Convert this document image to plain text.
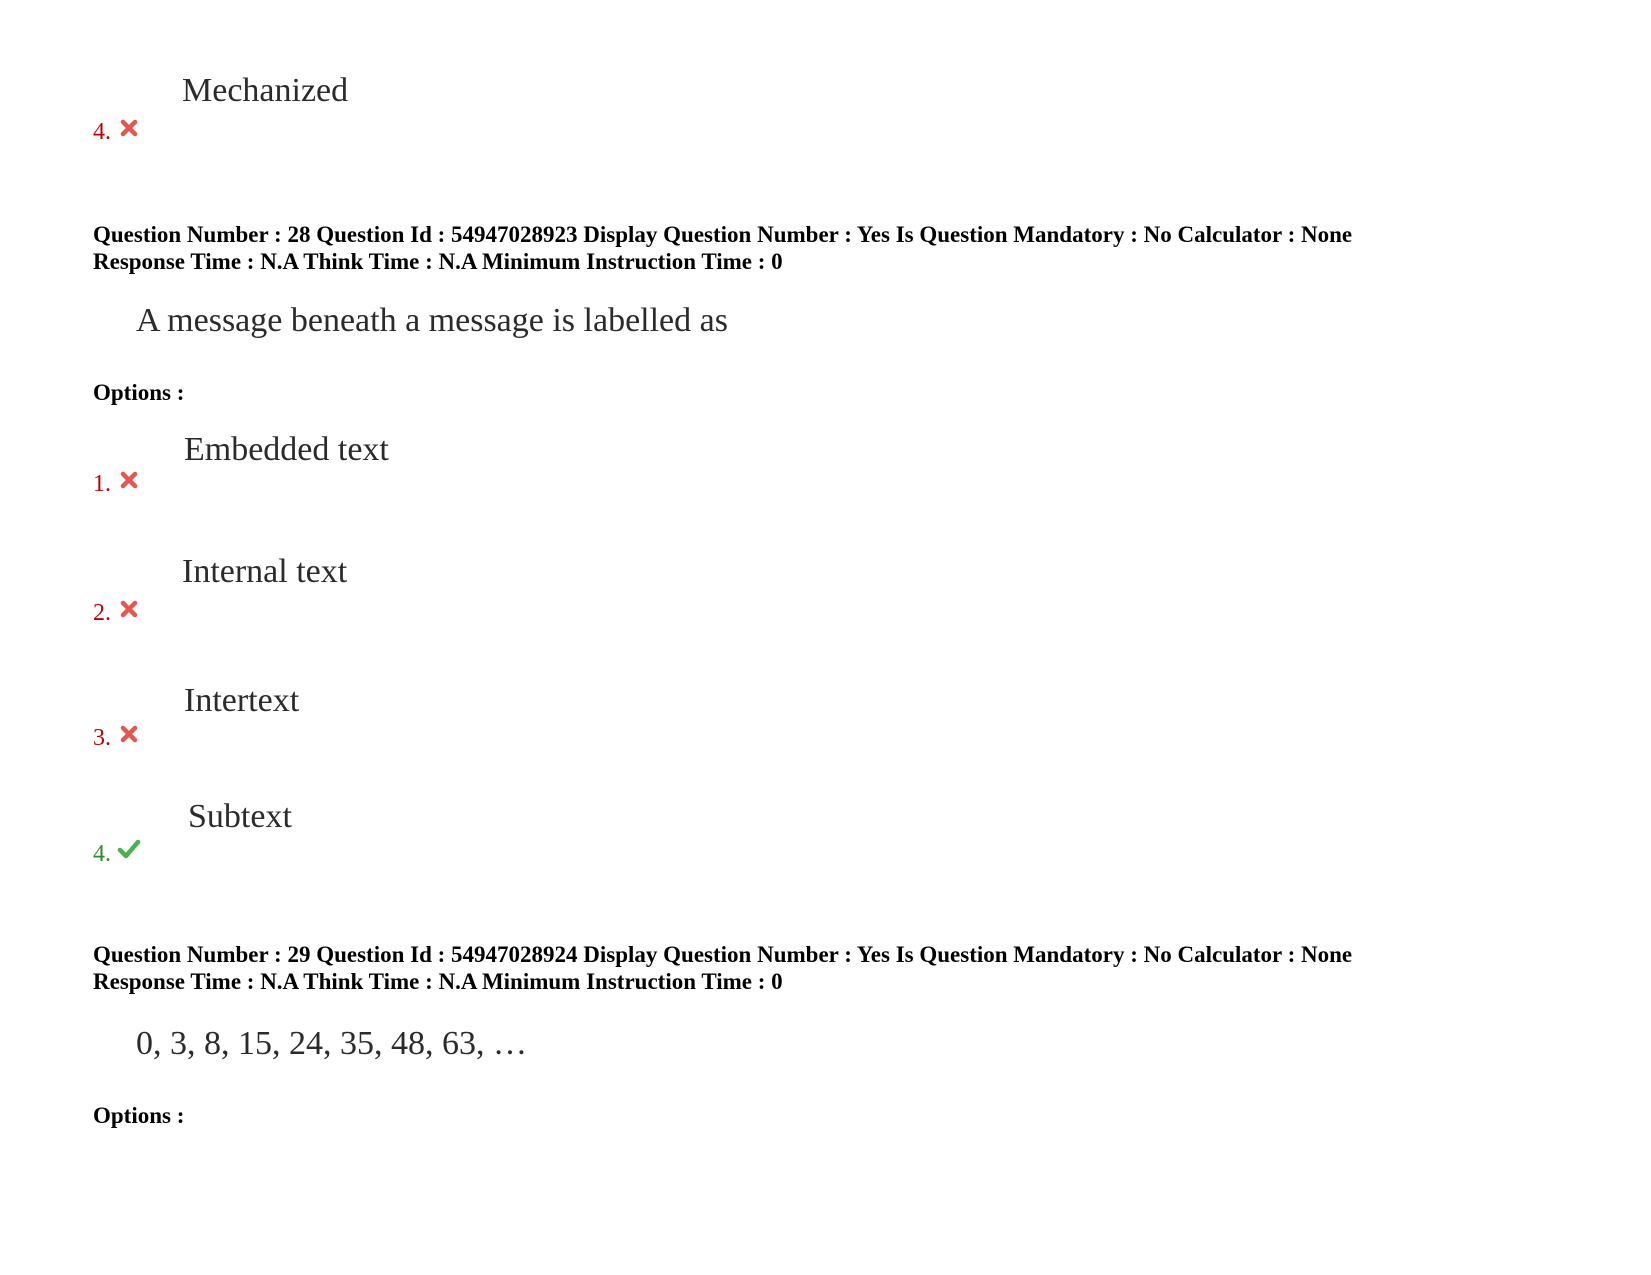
Mechanized
4.
Question Number : 28 Question Id : 54947028923 Display Question Number : Yes Is Question Mandatory : No Calculator : None
Response Time : N.A Think Time : N.A Minimum Instruction Time : 0
A message beneath a message is labelled as
Options :
Embedded text
1.
Internal text
2.
Intertext
3.
Subtext
4.
Question Number : 29 Question Id : 54947028924 Display Question Number : Yes Is Question Mandatory : No Calculator : None
Response Time : N.A Think Time : N.A Minimum Instruction Time : 0
0, 3, 8, 15, 24, 35, 48, 63, …
Options :
